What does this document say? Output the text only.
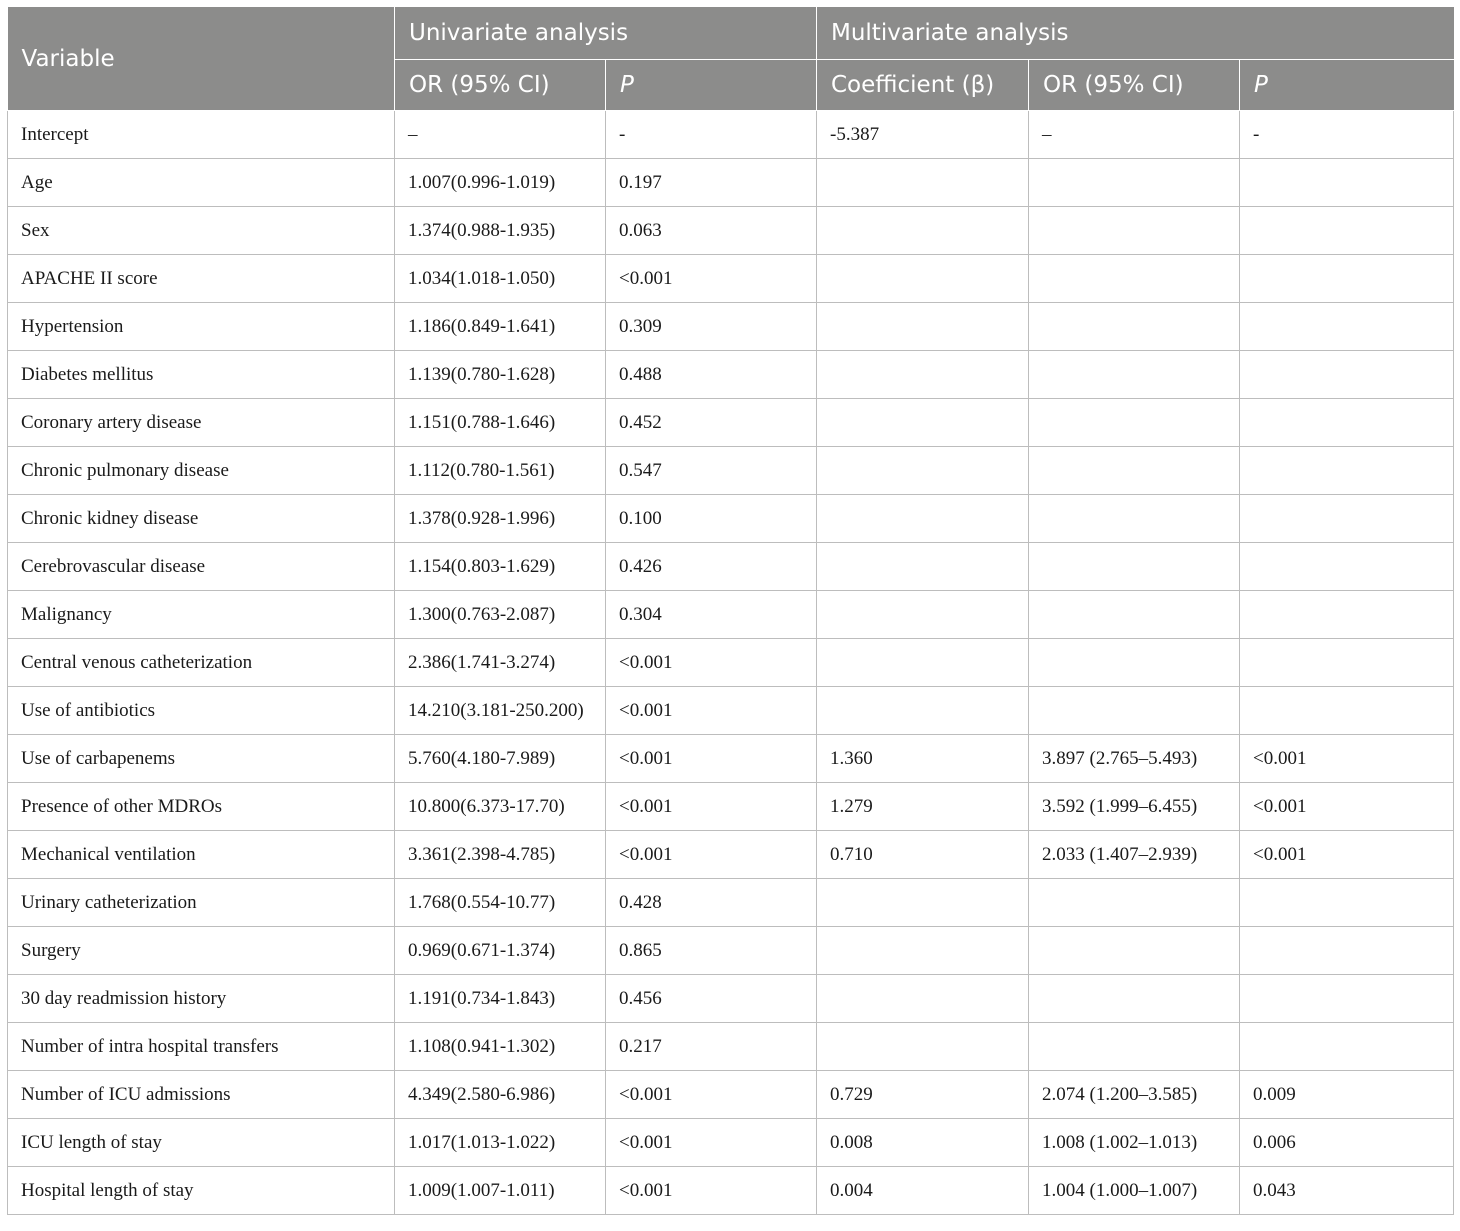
Variable	Univariate analysis		Multivariate analysis		
	OR (95% CI)	P	Coefficient (β)	OR (95% CI)	P
Intercept	–	-	-5.387	–	-
Age	1.007(0.996-1.019)	0.197			
Sex	1.374(0.988-1.935)	0.063			
APACHE II score	1.034(1.018-1.050)	<0.001			
Hypertension	1.186(0.849-1.641)	0.309			
Diabetes mellitus	1.139(0.780-1.628)	0.488			
Coronary artery disease	1.151(0.788-1.646)	0.452			
Chronic pulmonary disease	1.112(0.780-1.561)	0.547			
Chronic kidney disease	1.378(0.928-1.996)	0.100			
Cerebrovascular disease	1.154(0.803-1.629)	0.426			
Malignancy	1.300(0.763-2.087)	0.304			
Central venous catheterization	2.386(1.741-3.274)	<0.001			
Use of antibiotics	14.210(3.181-250.200)	<0.001			
Use of carbapenems	5.760(4.180-7.989)	<0.001	1.360	3.897 (2.765–5.493)	<0.001
Presence of other MDROs	10.800(6.373-17.70)	<0.001	1.279	3.592 (1.999–6.455)	<0.001
Mechanical ventilation	3.361(2.398-4.785)	<0.001	0.710	2.033 (1.407–2.939)	<0.001
Urinary catheterization	1.768(0.554-10.77)	0.428			
Surgery	0.969(0.671-1.374)	0.865			
30 day readmission history	1.191(0.734-1.843)	0.456			
Number of intra hospital transfers	1.108(0.941-1.302)	0.217			
Number of ICU admissions	4.349(2.580-6.986)	<0.001	0.729	2.074 (1.200–3.585)	0.009
ICU length of stay	1.017(1.013-1.022)	<0.001	0.008	1.008 (1.002–1.013)	0.006
Hospital length of stay	1.009(1.007-1.011)	<0.001	0.004	1.004 (1.000–1.007)	0.043
